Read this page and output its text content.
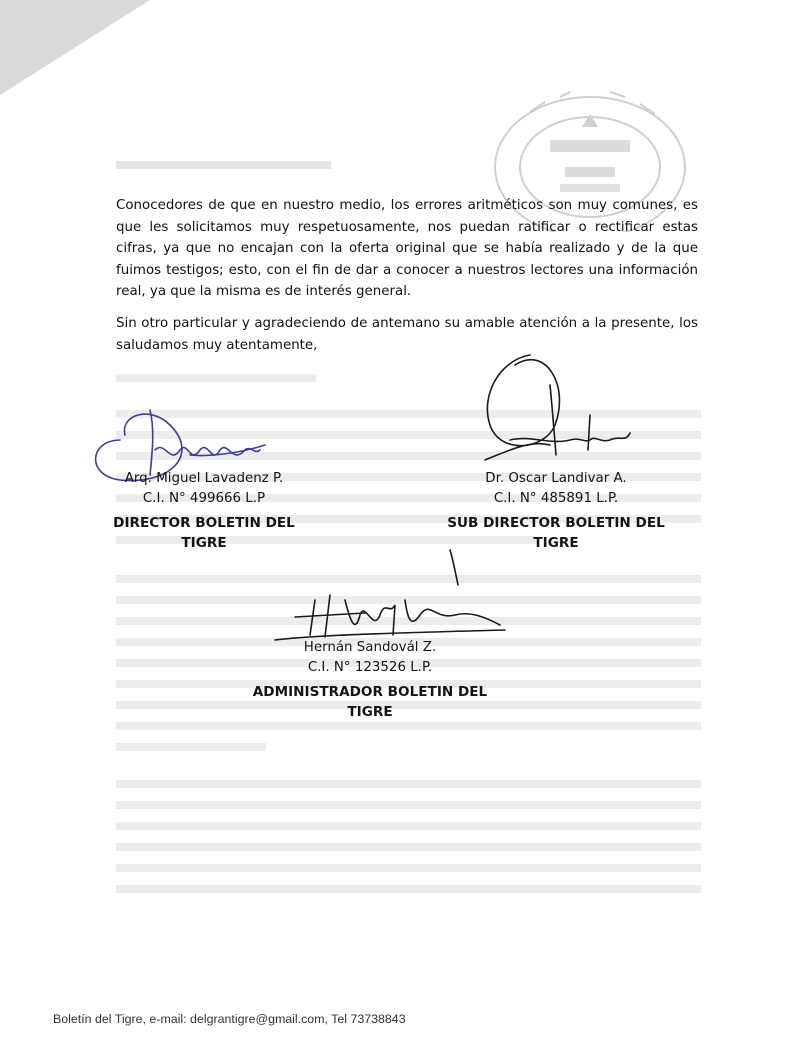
Conocedores de que en nuestro medio, los errores aritméticos son muy comunes, es que les solicitamos muy respetuosamente, nos puedan ratificar o rectificar estas cifras, ya que no encajan con la oferta original que se había realizado y de la que fuimos testigos; esto, con el fin de dar a conocer a nuestros lectores una información real, ya que la misma es de interés general.

Sin otro particular y agradeciendo de antemano su amable atención a la presente, los saludamos muy atentamente,

Arq. Miguel Lavadenz P.
C.I. N° 499666 L.P
DIRECTOR BOLETIN DEL TIGRE
Dr. Oscar Landivar A.
C.I. N° 485891 L.P.
SUB DIRECTOR BOLETIN DEL TIGRE
Hernán Sandovál Z.
C.I. N° 123526 L.P.
ADMINISTRADOR BOLETIN DEL TIGRE
Boletín del Tigre, e-mail: delgrantigre@gmail.com, Tel 73738843
